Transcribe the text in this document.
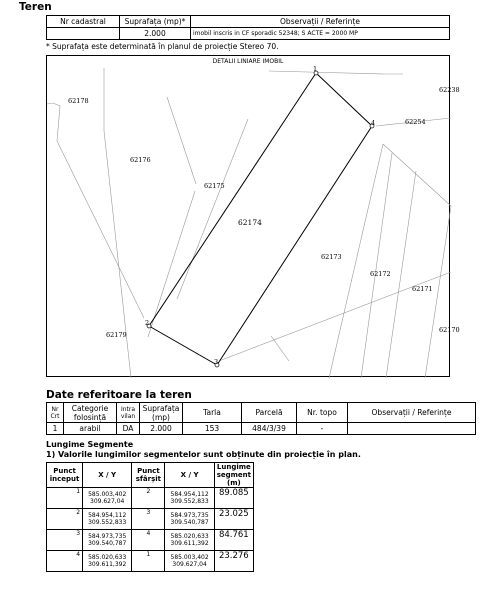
Teren
Nr cadastral	Suprafața (mp)*	Observații / Referințe
	2.000	imobil inscris in CF sporadic 52348; S ACTE = 2000 MP
* Suprafața este determinată în planul de proiecție Stereo 70.
DETALII LINIARE IMOBIL
1
2
3
4
62174
62178
62176
62175
62238
62254
62173
62172
62171
62170
62179
Date referitoare la teren
Nr Crt	Categorie folosință	Intra vilan	Suprafața (mp)	Tarla	Parcelă	Nr. topo	Observații / Referințe
1	arabil	DA	2.000	153	484/3/39	-	
Lungime Segmente
1) Valorile lungimilor segmentelor sunt obținute din proiecție în plan.
Punct început	X / Y	Punct sfârșit	X / Y	Lungime segment (m)
1	585.003,402
309.627,04	2	584.954,112
309.552,833	89.085
2	584.954,112
309.552,833	3	584.973,735
309.540,787	23.025
3	584.973,735
309.540,787	4	585.020,633
309.611,392	84.761
4	585.020,633
309.611,392	1	585.003,402
309.627,04	23.276
